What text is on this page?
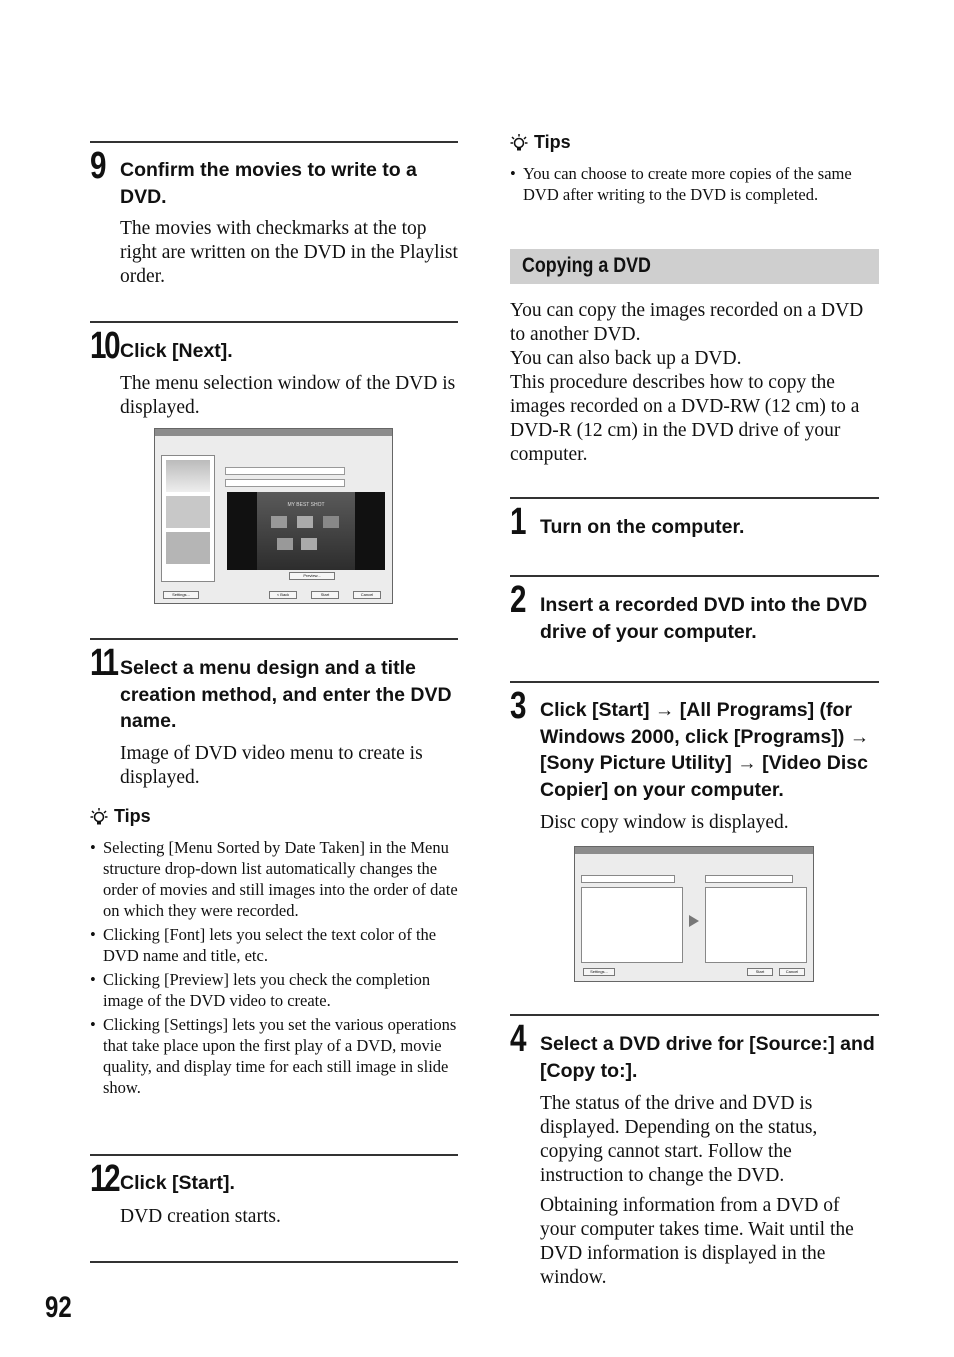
9 Confirm the movies to write to a DVD.
The movies with checkmarks at the top right are written on the DVD in the Playlist order.
10 Click [Next].
The menu selection window of the DVD is displayed.
MY BEST SHOT
Preview...
Settings...	< Back	Start	Cancel
11 Select a menu design and a title creation method, and enter the DVD name.
Image of DVD video menu to create is displayed.
Tips
• Selecting [Menu Sorted by Date Taken] in the Menu structure drop-down list automatically changes the order of movies and still images into the order of date on which they were recorded.
• Clicking [Font] lets you select the text color of the DVD name and title, etc.
• Clicking [Preview] lets you check the completion image of the DVD video to create.
• Clicking [Settings] lets you set the various operations that take place upon the first play of a DVD, movie quality, and display time for each still image in slide show.
12 Click [Start].
DVD creation starts.
Tips
• You can choose to create more copies of the same DVD after writing to the DVD is completed.
Copying a DVD
You can copy the images recorded on a DVD to another DVD.
You can also back up a DVD.
This procedure describes how to copy the images recorded on a DVD-RW (12 cm) to a DVD-R (12 cm) in the DVD drive of your computer.
1 Turn on the computer.
2 Insert a recorded DVD into the DVD drive of your computer.
3 Click [Start] → [All Programs] (for Windows 2000, click [Programs]) → [Sony Picture Utility] → [Video Disc Copier] on your computer.
Disc copy window is displayed.
Settings...	Start	Cancel
4 Select a DVD drive for [Source:] and [Copy to:].
The status of the drive and DVD is displayed. Depending on the status, copying cannot start. Follow the instruction to change the DVD.
Obtaining information from a DVD of your computer takes time. Wait until the DVD information is displayed in the window.
92
